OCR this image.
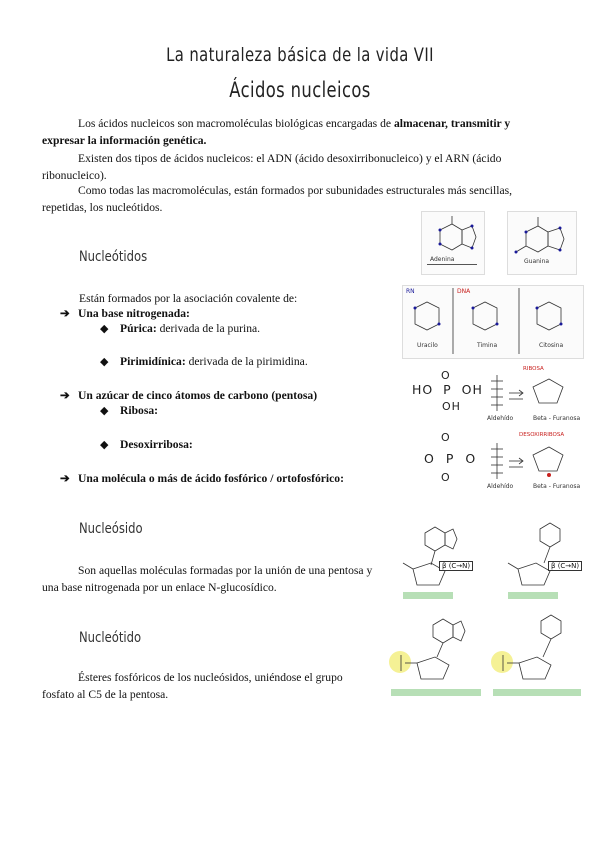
La naturaleza básica de la vida VII
Ácidos nucleicos
Los ácidos nucleicos son macromoléculas biológicas encargadas de almacenar, transmitir y expresar la información genética.
Existen dos tipos de ácidos nucleicos: el ADN (ácido desoxirribonucleico) y el ARN (ácido ribonucleico).
Como todas las macromoléculas, están formados por subunidades estructurales más sencillas, repetidas, los nucleótidos.
Nucleótidos
Están formados por la asociación covalente de:
➔ Una base nitrogenada:
◆ Púrica: derivada de la purina.
◆ Pirimidínica: derivada de la pirimidina.
➔ Un azúcar de cinco átomos de carbono (pentosa)
◆ Ribosa:
◆ Desoxirribosa:
➔ Una molécula o más de ácido fosfórico / ortofosfórico:
Nucleósido
Son aquellas moléculas formadas por la unión de una pentosa y una base nitrogenada por un enlace N-glucosídico.
Nucleótido
Ésteres fosfóricos de los nucleósidos, uniéndose el grupo fosfato al C5 de la pentosa.
Adenina	Guanina
RN	DNA
Uracilo	Timina	Citosina
RIBOSA
Aldehído	Beta - Furanosa
O
HO  P  OH
OH
DESOXIRRIBOSA
Aldehído	Beta - Furanosa
O
O P O
O
β (C→N)	β (C→N)
